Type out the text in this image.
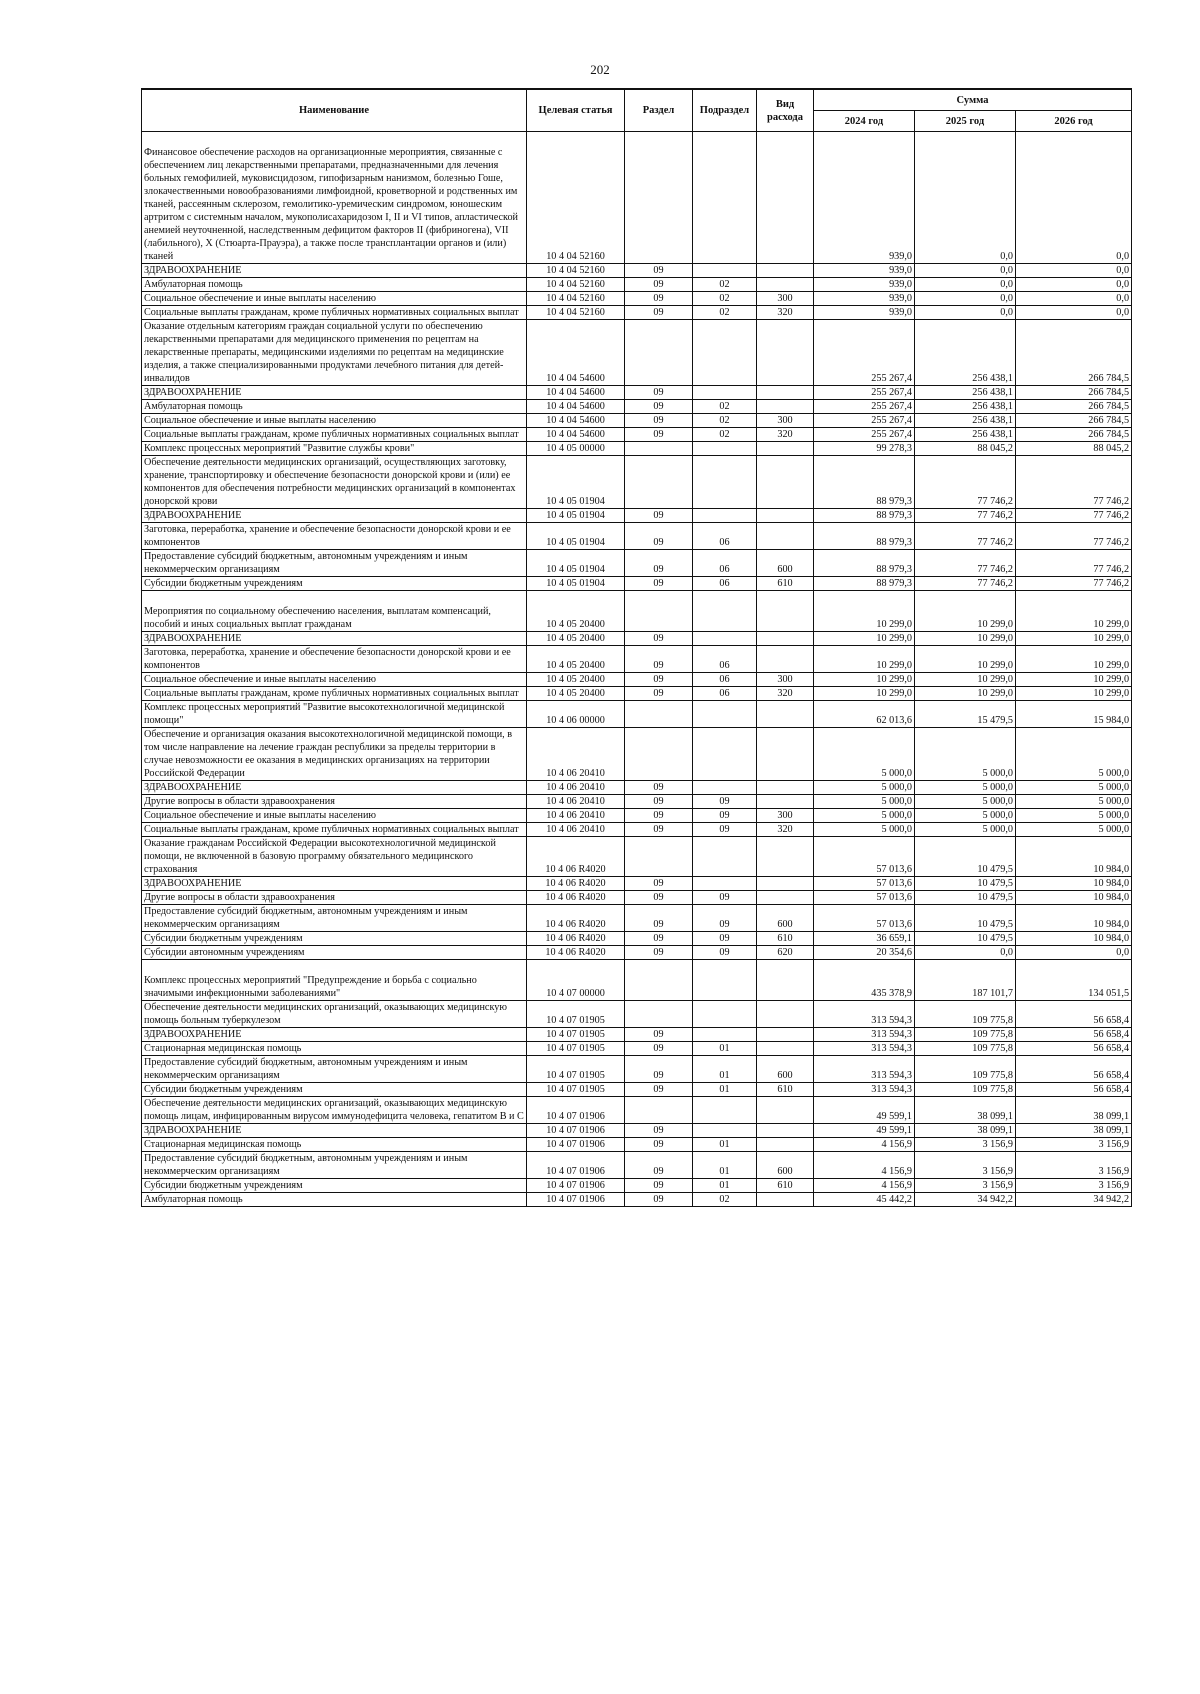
202
Наименование	Целевая статья	Раздел	Подраздел	Вид расхода	Сумма		
					2024 год	2025 год	2026 год
Финансовое обеспечение расходов на организационные мероприятия, связанные с обеспечением лиц лекарственными препаратами, предназначенными для лечения больных гемофилией, муковисцидозом, гипофизарным нанизмом, болезнью Гоше, злокачественными новообразованиями лимфоидной, кроветворной и родственных им тканей, рассеянным склерозом, гемолитико-уремическим синдромом, юношеским артритом с системным началом, мукополисахаридозом I, II и VI типов, апластической анемией неуточненной, наследственным дефицитом факторов II (фибриногена), VII (лабильного), X (Стюарта-Прауэра), а также после трансплантации органов и (или) тканей	10 4 04 52160				939,0	0,0	0,0
ЗДРАВООХРАНЕНИЕ	10 4 04 52160	09			939,0	0,0	0,0
Амбулаторная помощь	10 4 04 52160	09	02		939,0	0,0	0,0
Социальное обеспечение и иные выплаты населению	10 4 04 52160	09	02	300	939,0	0,0	0,0
Социальные выплаты гражданам, кроме публичных нормативных социальных выплат	10 4 04 52160	09	02	320	939,0	0,0	0,0
Оказание отдельным категориям граждан социальной услуги по обеспечению лекарственными препаратами для медицинского применения по рецептам на лекарственные препараты, медицинскими изделиями по рецептам на медицинские изделия, а также специализированными продуктами лечебного питания для детей-инвалидов	10 4 04 54600				255 267,4	256 438,1	266 784,5
ЗДРАВООХРАНЕНИЕ	10 4 04 54600	09			255 267,4	256 438,1	266 784,5
Амбулаторная помощь	10 4 04 54600	09	02		255 267,4	256 438,1	266 784,5
Социальное обеспечение и иные выплаты населению	10 4 04 54600	09	02	300	255 267,4	256 438,1	266 784,5
Социальные выплаты гражданам, кроме публичных нормативных социальных выплат	10 4 04 54600	09	02	320	255 267,4	256 438,1	266 784,5
Комплекс процессных мероприятий "Развитие службы крови"	10 4 05 00000				99 278,3	88 045,2	88 045,2
Обеспечение деятельности медицинских организаций, осуществляющих заготовку, хранение, транспортировку и обеспечение безопасности донорской крови и (или) ее компонентов для обеспечения потребности медицинских организаций в компонентах донорской крови	10 4 05 01904				88 979,3	77 746,2	77 746,2
ЗДРАВООХРАНЕНИЕ	10 4 05 01904	09			88 979,3	77 746,2	77 746,2
Заготовка, переработка, хранение и обеспечение безопасности донорской крови и ее компонентов	10 4 05 01904	09	06		88 979,3	77 746,2	77 746,2
Предоставление субсидий бюджетным, автономным учреждениям и иным некоммерческим организациям	10 4 05 01904	09	06	600	88 979,3	77 746,2	77 746,2
Субсидии бюджетным учреждениям	10 4 05 01904	09	06	610	88 979,3	77 746,2	77 746,2
Мероприятия по социальному обеспечению населения, выплатам компенсаций, пособий и иных социальных выплат гражданам	10 4 05 20400				10 299,0	10 299,0	10 299,0
ЗДРАВООХРАНЕНИЕ	10 4 05 20400	09			10 299,0	10 299,0	10 299,0
Заготовка, переработка, хранение и обеспечение безопасности донорской крови и ее компонентов	10 4 05 20400	09	06		10 299,0	10 299,0	10 299,0
Социальное обеспечение и иные выплаты населению	10 4 05 20400	09	06	300	10 299,0	10 299,0	10 299,0
Социальные выплаты гражданам, кроме публичных нормативных социальных выплат	10 4 05 20400	09	06	320	10 299,0	10 299,0	10 299,0
Комплекс процессных мероприятий "Развитие высокотехнологичной медицинской помощи"	10 4 06 00000				62 013,6	15 479,5	15 984,0
Обеспечение и организация оказания высокотехнологичной медицинской помощи, в том числе направление на лечение граждан республики за пределы территории в случае невозможности ее оказания в медицинских организациях на территории Российской Федерации	10 4 06 20410				5 000,0	5 000,0	5 000,0
ЗДРАВООХРАНЕНИЕ	10 4 06 20410	09			5 000,0	5 000,0	5 000,0
Другие вопросы в области здравоохранения	10 4 06 20410	09	09		5 000,0	5 000,0	5 000,0
Социальное обеспечение и иные выплаты населению	10 4 06 20410	09	09	300	5 000,0	5 000,0	5 000,0
Социальные выплаты гражданам, кроме публичных нормативных социальных выплат	10 4 06 20410	09	09	320	5 000,0	5 000,0	5 000,0
Оказание гражданам Российской Федерации высокотехнологичной медицинской помощи, не включенной в базовую программу обязательного медицинского страхования	10 4 06 R4020				57 013,6	10 479,5	10 984,0
ЗДРАВООХРАНЕНИЕ	10 4 06 R4020	09			57 013,6	10 479,5	10 984,0
Другие вопросы в области здравоохранения	10 4 06 R4020	09	09		57 013,6	10 479,5	10 984,0
Предоставление субсидий бюджетным, автономным учреждениям и иным некоммерческим организациям	10 4 06 R4020	09	09	600	57 013,6	10 479,5	10 984,0
Субсидии бюджетным учреждениям	10 4 06 R4020	09	09	610	36 659,1	10 479,5	10 984,0
Субсидии автономным учреждениям	10 4 06 R4020	09	09	620	20 354,6	0,0	0,0
Комплекс процессных мероприятий "Предупреждение и борьба с социально значимыми инфекционными заболеваниями"	10 4 07 00000				435 378,9	187 101,7	134 051,5
Обеспечение деятельности медицинских организаций, оказывающих медицинскую помощь больным туберкулезом	10 4 07 01905				313 594,3	109 775,8	56 658,4
ЗДРАВООХРАНЕНИЕ	10 4 07 01905	09			313 594,3	109 775,8	56 658,4
Стационарная медицинская помощь	10 4 07 01905	09	01		313 594,3	109 775,8	56 658,4
Предоставление субсидий бюджетным, автономным учреждениям и иным некоммерческим организациям	10 4 07 01905	09	01	600	313 594,3	109 775,8	56 658,4
Субсидии бюджетным учреждениям	10 4 07 01905	09	01	610	313 594,3	109 775,8	56 658,4
Обеспечение деятельности медицинских организаций, оказывающих медицинскую помощь лицам, инфицированным вирусом иммунодефицита человека, гепатитом B и C	10 4 07 01906				49 599,1	38 099,1	38 099,1
ЗДРАВООХРАНЕНИЕ	10 4 07 01906	09			49 599,1	38 099,1	38 099,1
Стационарная медицинская помощь	10 4 07 01906	09	01		4 156,9	3 156,9	3 156,9
Предоставление субсидий бюджетным, автономным учреждениям и иным некоммерческим организациям	10 4 07 01906	09	01	600	4 156,9	3 156,9	3 156,9
Субсидии бюджетным учреждениям	10 4 07 01906	09	01	610	4 156,9	3 156,9	3 156,9
Амбулаторная помощь	10 4 07 01906	09	02		45 442,2	34 942,2	34 942,2
